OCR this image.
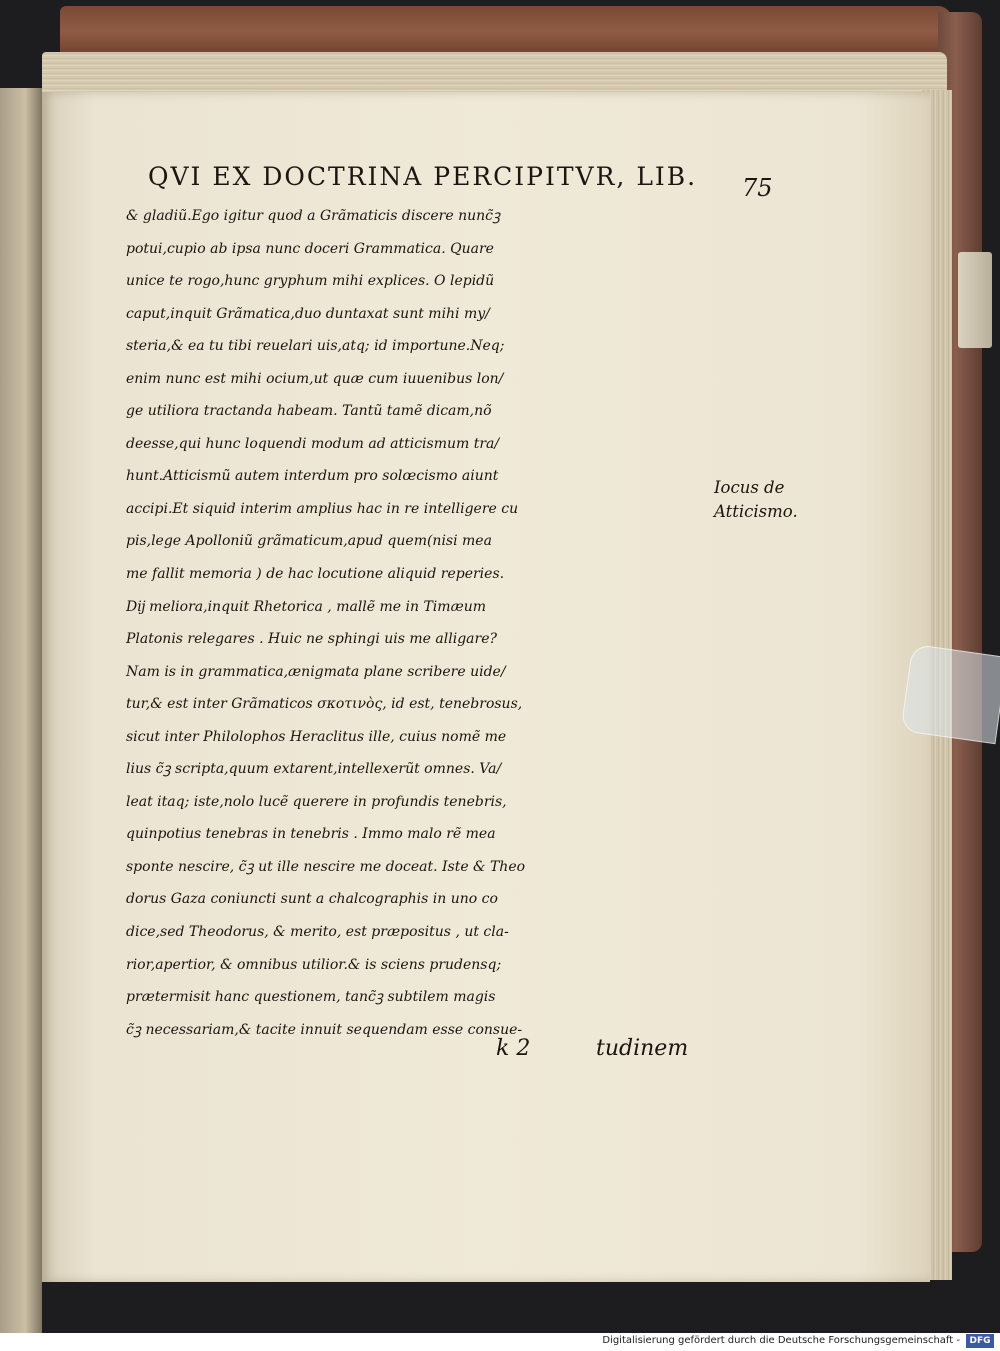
QVI EX DOCTRINA PERCIPITVR, LIB.	75
& gladiũ.Ego igitur quod a Grãmaticis discere nunc̃ꝫ
potui,cupio ab ipsa nunc doceri Grammatica. Quare
unice te rogo,hunc gryphum mihi explices. O lepidũ
caput,inquit Grãmatica,duo duntaxat sunt mihi my/
steria,& ea tu tibi reuelari uis,atq; id importune.Neq;
enim nunc est mihi ocium,ut quæ cum iuuenibus lon/
ge utiliora tractanda habeam. Tantũ tamẽ dicam,nõ
deesse,qui hunc loquendi modum ad atticismum tra/
hunt.Atticismũ autem interdum pro solœcismo aiunt
accipi.Et siquid interim amplius hac in re intelligere cu
pis,lege Apolloniũ grãmaticum,apud quem(nisi mea
me fallit memoria ) de hac locutione aliquid reperies.
Dĳ meliora,inquit Rhetorica , mallẽ me in Timæum
Platonis relegares . Huic ne sphingi uis me alligare?
Nam is in grammatica,ænigmata plane scribere uide/
tur,& est inter Grãmaticos σκοτινὸς, id est, tenebrosus,
sicut inter Philolophos Heraclitus ille, cuius nomẽ me
lius c̃ꝫ scripta,quum extarent,intellexerũt omnes. Va/
leat itaq; iste,nolo lucẽ querere in profundis tenebris,
quinpotius tenebras in tenebris . Immo malo rẽ mea
sponte nescire, c̃ꝫ ut ille nescire me doceat. Iste & Theo
dorus Gaza coniuncti sunt a chalcographis in uno co
dice,sed Theodorus, & merito, est præpositus , ut cla-
rior,apertior, & omnibus utilior.& is sciens prudensq;
prætermisit hanc questionem, tanc̃ꝫ subtilem magis
c̃ꝫ necessariam,& tacite innuit sequendam esse consue-
Iocus de
Atticismo.
k 2	tudinem
Digitalisierung gefördert durch die Deutsche Forschungsgemeinschaft -	DFG
